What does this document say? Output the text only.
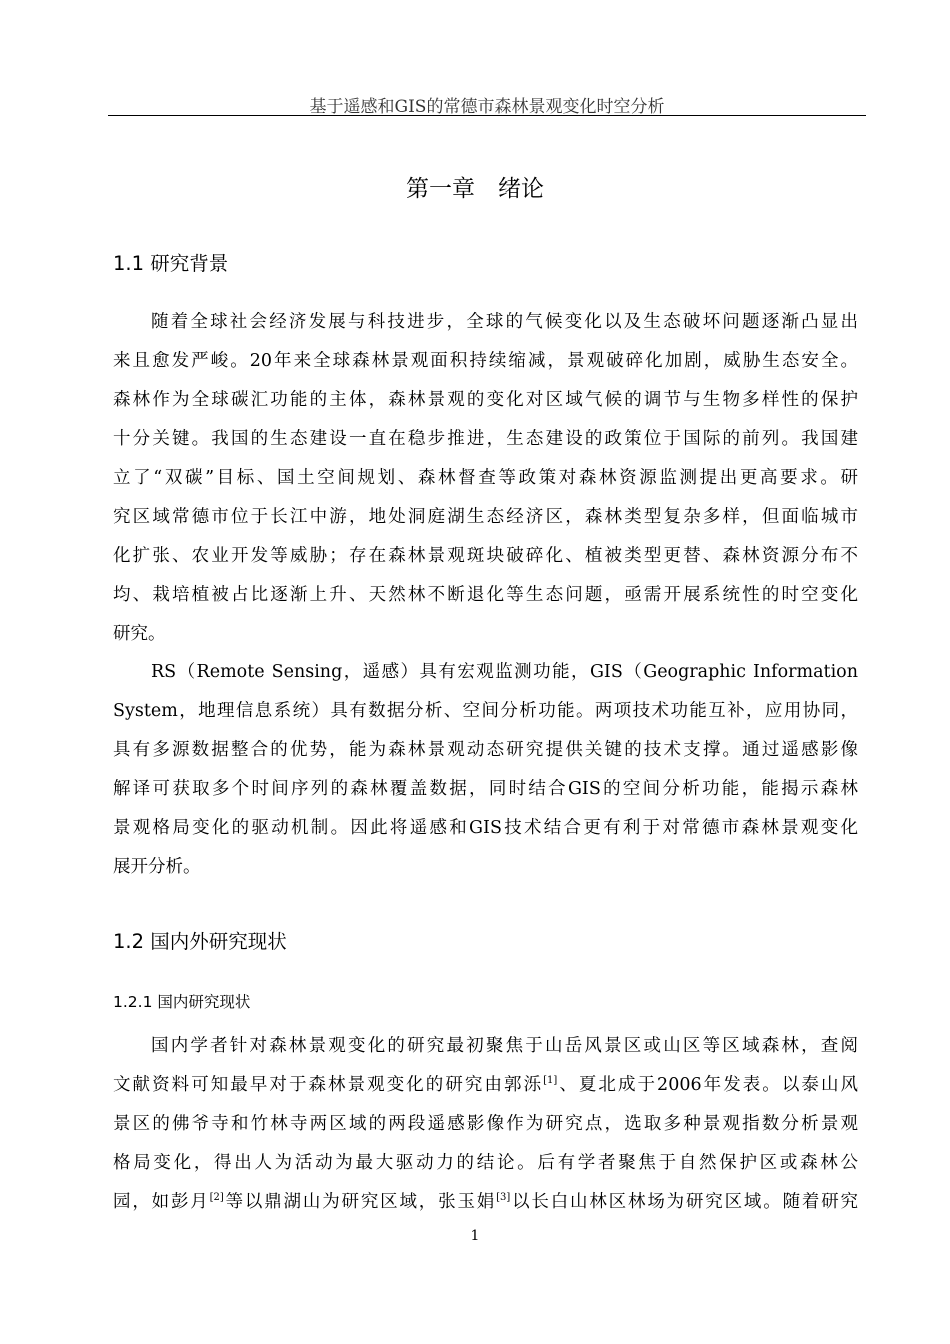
基于遥感和GIS的常德市森林景观变化时空分析
第一章　绪论
1.1 研究背景
随着全球社会经济发展与科技进步，全球的气候变化以及生态破坏问题逐渐凸显出
来且愈发严峻。20年来全球森林景观面积持续缩减，景观破碎化加剧，威胁生态安全。
森林作为全球碳汇功能的主体，森林景观的变化对区域气候的调节与生物多样性的保护
十分关键。我国的生态建设一直在稳步推进，生态建设的政策位于国际的前列。我国建
立了“双碳”目标、国土空间规划、森林督查等政策对森林资源监测提出更高要求。研
究区域常德市位于长江中游，地处洞庭湖生态经济区，森林类型复杂多样，但面临城市
化扩张、农业开发等威胁；存在森林景观斑块破碎化、植被类型更替、森林资源分布不
均、栽培植被占比逐渐上升、天然林不断退化等生态问题，亟需开展系统性的时空变化
研究。
RS（Remote Sensing，遥感）具有宏观监测功能，GIS（Geographic Information
System，地理信息系统）具有数据分析、空间分析功能。两项技术功能互补，应用协同，
具有多源数据整合的优势，能为森林景观动态研究提供关键的技术支撑。通过遥感影像
解译可获取多个时间序列的森林覆盖数据，同时结合GIS的空间分析功能，能揭示森林
景观格局变化的驱动机制。因此将遥感和GIS技术结合更有利于对常德市森林景观变化
展开分析。
1.2 国内外研究现状
1.2.1 国内研究现状
国内学者针对森林景观变化的研究最初聚焦于山岳风景区或山区等区域森林，查阅
文献资料可知最早对于森林景观变化的研究由郭泺[1]、夏北成于2006年发表。以泰山风
景区的佛爷寺和竹林寺两区域的两段遥感影像作为研究点，选取多种景观指数分析景观
格局变化，得出人为活动为最大驱动力的结论。后有学者聚焦于自然保护区或森林公
园，如彭月[2]等以鼎湖山为研究区域，张玉娟[3]以长白山林区林场为研究区域。随着研究
1
